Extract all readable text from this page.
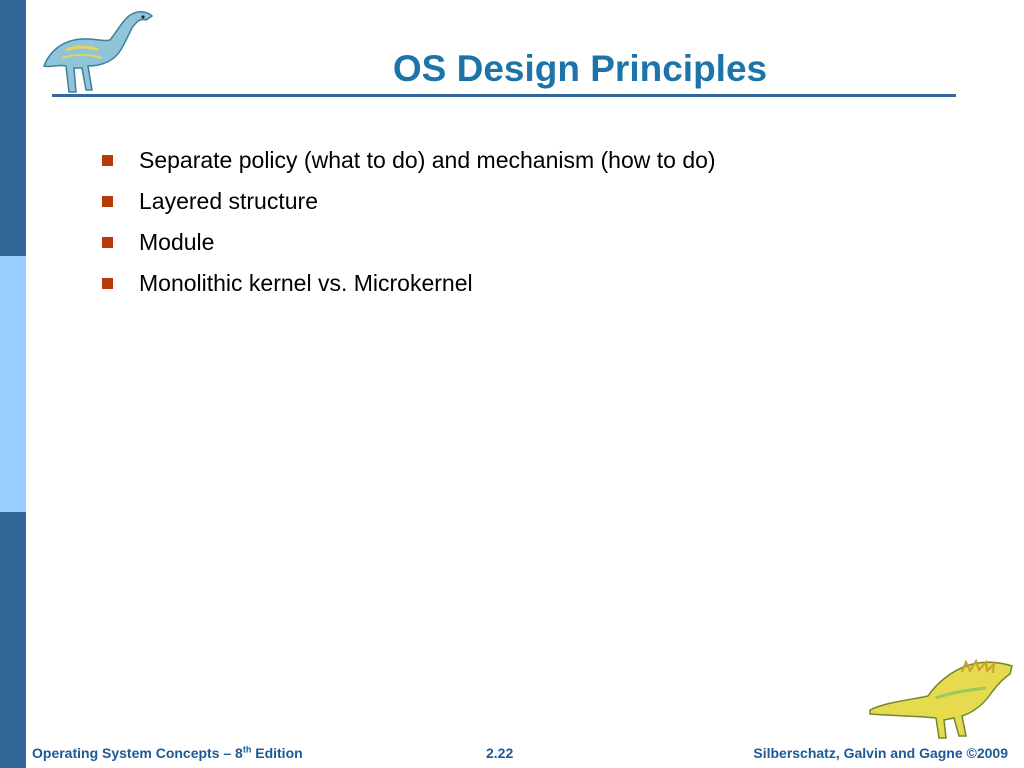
OS Design Principles
Separate policy (what to do) and mechanism (how to do)
Layered structure
Module
Monolithic kernel vs. Microkernel
Operating System Concepts – 8th Edition	2.22	Silberschatz, Galvin and Gagne ©2009
